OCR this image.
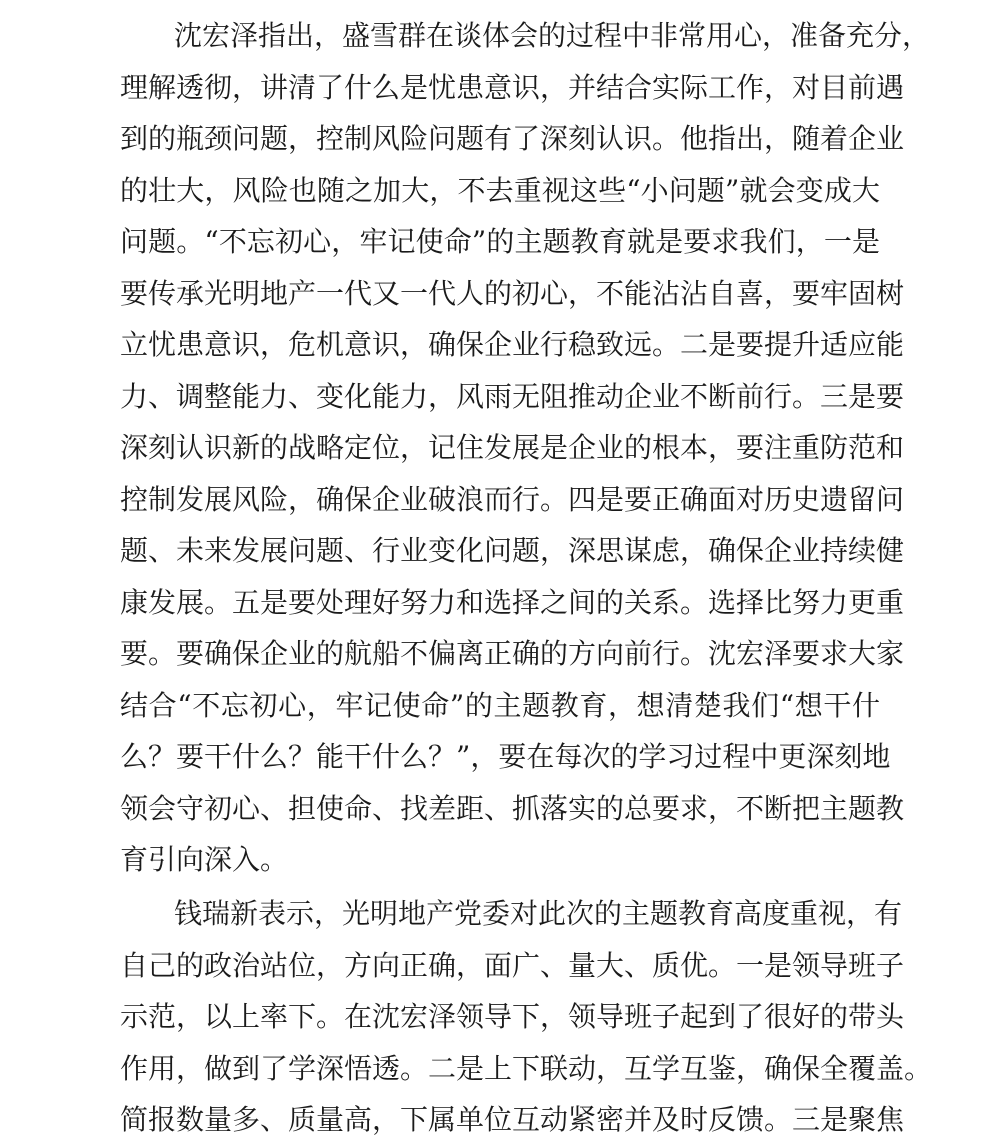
沈宏泽指出，盛雪群在谈体会的过程中非常用心，准备充分，
理解透彻，讲清了什么是忧患意识，并结合实际工作，对目前遇
到的瓶颈问题，控制风险问题有了深刻认识。他指出，随着企业
的壮大，风险也随之加大，不去重视这些“小问题”就会变成大
问题。“不忘初心，牢记使命”的主题教育就是要求我们，一是
要传承光明地产一代又一代人的初心，不能沾沾自喜，要牢固树
立忧患意识，危机意识，确保企业行稳致远。二是要提升适应能
力、调整能力、变化能力，风雨无阻推动企业不断前行。三是要
深刻认识新的战略定位，记住发展是企业的根本，要注重防范和
控制发展风险，确保企业破浪而行。四是要正确面对历史遗留问
题、未来发展问题、行业变化问题，深思谋虑，确保企业持续健
康发展。五是要处理好努力和选择之间的关系。选择比努力更重
要。要确保企业的航船不偏离正确的方向前行。沈宏泽要求大家
结合“不忘初心，牢记使命”的主题教育，想清楚我们“想干什
么？要干什么？能干什么？”，要在每次的学习过程中更深刻地
领会守初心、担使命、找差距、抓落实的总要求，不断把主题教
育引向深入。
钱瑞新表示，光明地产党委对此次的主题教育高度重视，有
自己的政治站位，方向正确，面广、量大、质优。一是领导班子
示范，以上率下。在沈宏泽领导下，领导班子起到了很好的带头
作用，做到了学深悟透。二是上下联动，互学互鉴，确保全覆盖。
简报数量多、质量高，下属单位互动紧密并及时反馈。三是聚焦
